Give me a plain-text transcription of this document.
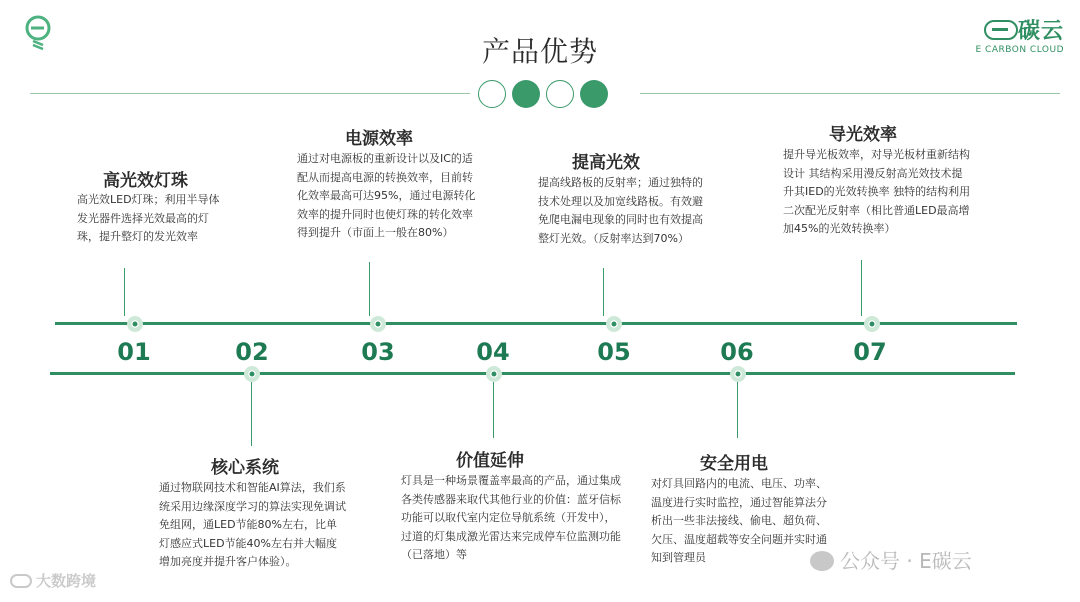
碳云
E CARBON CLOUD
产品优势
01
高光效灯珠
高光效LED灯珠；利用半导体发光器件选择光效最高的灯珠，提升整灯的发光效率
02
核心系统
通过物联网技术和智能AI算法，我们系统采用边缘深度学习的算法实现免调试免组网，通LED节能80%左右，比单灯感应式LED节能40%左右并大幅度增加亮度并提升客户体验）。
03
电源效率
通过对电源板的重新设计以及IC的适配从而提高电源的转换效率，目前转化效率最高可达95%，通过电源转化效率的提升同时也使灯珠的转化效率得到提升（市面上一般在80%）
04
价值延伸
灯具是一种场景覆盖率最高的产品，通过集成各类传感器来取代其他行业的价值：蓝牙信标功能可以取代室内定位导航系统（开发中），过道的灯集成激光雷达来完成停车位监测功能（已落地）等
05
提高光效
提高线路板的反射率；通过独特的技术处理以及加宽线路板。有效避免爬电漏电现象的同时也有效提高整灯光效。（反射率达到70%）
06
安全用电
对灯具回路内的电流、电压、功率、温度进行实时监控，通过智能算法分析出一些非法接线、偷电、超负荷、欠压、温度超载等安全问题并实时通知到管理员
07
导光效率
提升导光板效率，对导光板材重新结构设计 其结构采用漫反射高光效技术提升其IED的光效转换率 独特的结构利用二次配光反射率（相比普通LED最高增加45%的光效转换率）
大数跨境
公众号 · E碳云
